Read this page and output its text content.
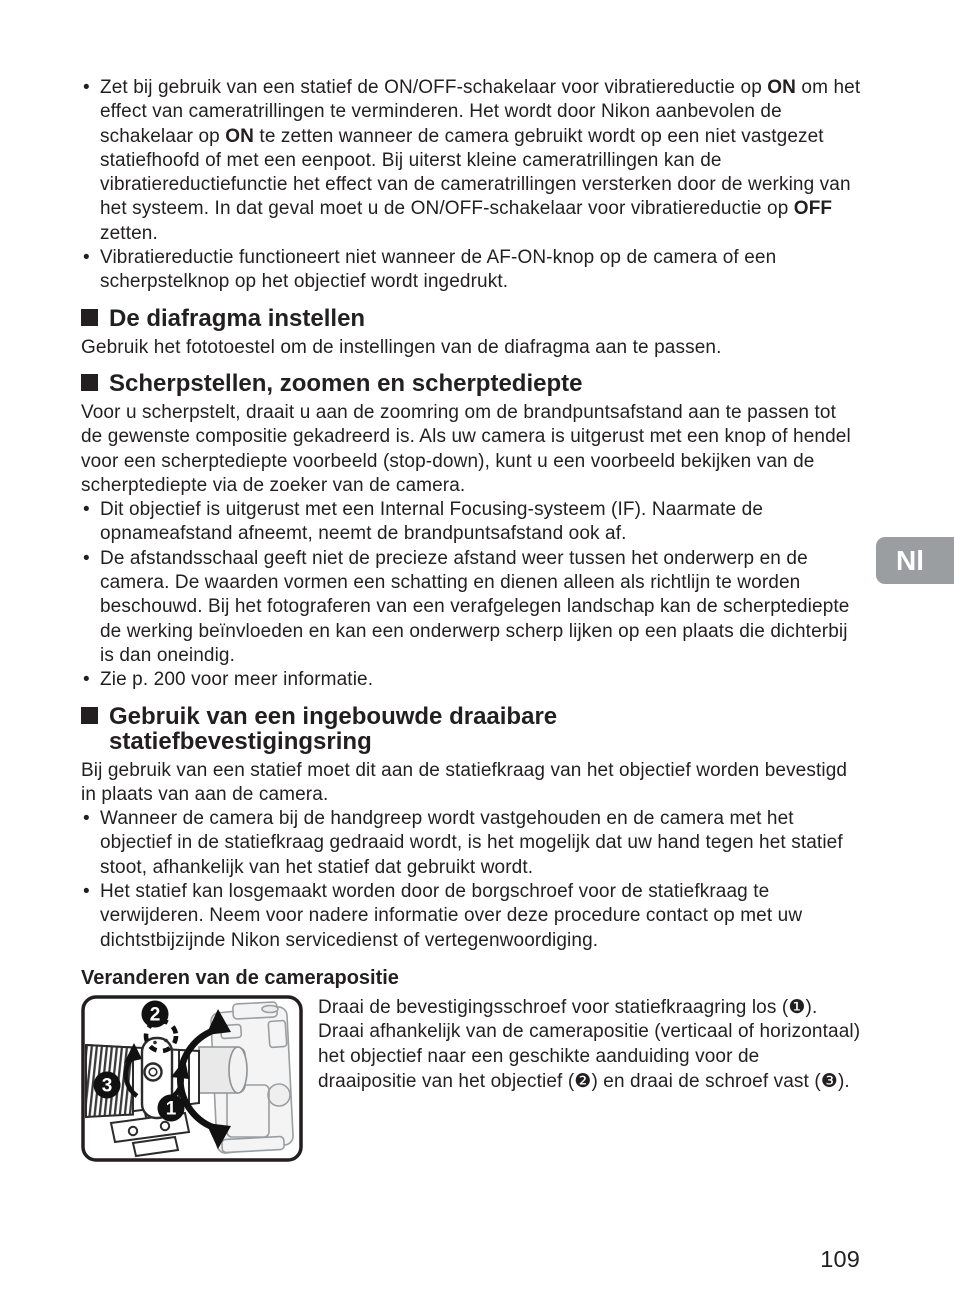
• Zet bij gebruik van een statief de ON/OFF-schakelaar voor vibratiereductie op ON om het effect van cameratrillingen te verminderen. Het wordt door Nikon aanbevolen de schakelaar op ON te zetten wanneer de camera gebruikt wordt op een niet vastgezet statiefhoofd of met een eenpoot. Bij uiterst kleine cameratrillingen kan de vibratiereductiefunctie het effect van de cameratrillingen versterken door de werking van het systeem. In dat geval moet u de ON/OFF-schakelaar voor vibratiereductie op OFF zetten.
• Vibratiereductie functioneert niet wanneer de AF-ON-knop op de camera of een scherpstelknop op het objectief wordt ingedrukt.
De diafragma instellen

Gebruik het fototoestel om de instellingen van de diafragma aan te passen.

Scherpstellen, zoomen en scherptediepte

Voor u scherpstelt, draait u aan de zoomring om de brandpuntsafstand aan te passen tot de gewenste compositie gekadreerd is. Als uw camera is uitgerust met een knop of hendel voor een scherptediepte voorbeeld (stop-down), kunt u een voorbeeld bekijken van de scherptediepte via de zoeker van de camera.

• Dit objectief is uitgerust met een Internal Focusing-systeem (IF). Naarmate de opnameafstand afneemt, neemt de brandpuntsafstand ook af.
• De afstandsschaal geeft niet de precieze afstand weer tussen het onderwerp en de camera. De waarden vormen een schatting en dienen alleen als richtlijn te worden beschouwd. Bij het fotograferen van een verafgelegen landschap kan de scherptediepte de werking beïnvloeden en kan een onderwerp scherp lijken op een plaats die dichterbij is dan oneindig.
• Zie p. 200 voor meer informatie.
Gebruik van een ingebouwde draaibare statiefbevestigingsring

Bij gebruik van een statief moet dit aan de statiefkraag van het objectief worden bevestigd in plaats van aan de camera.

• Wanneer de camera bij de handgreep wordt vastgehouden en de camera met het objectief in de statiefkraag gedraaid wordt, is het mogelijk dat uw hand tegen het statief stoot, afhankelijk van het statief dat gebruikt wordt.
• Het statief kan losgemaakt worden door de borgschroef voor de statiefkraag te verwijderen. Neem voor nadere informatie over deze procedure contact op met uw dichtstbijzijnde Nikon servicedienst of vertegenwoordiging.
Veranderen van de camerapositie
2
3
1

Draai de bevestigingsschroef voor statiefkraagring los (❶). Draai afhankelijk van de camerapositie (verticaal of horizontaal) het objectief naar een geschikte aanduiding voor de draaipositie van het objectief (❷) en draai de schroef vast (❸).

Nl
109
